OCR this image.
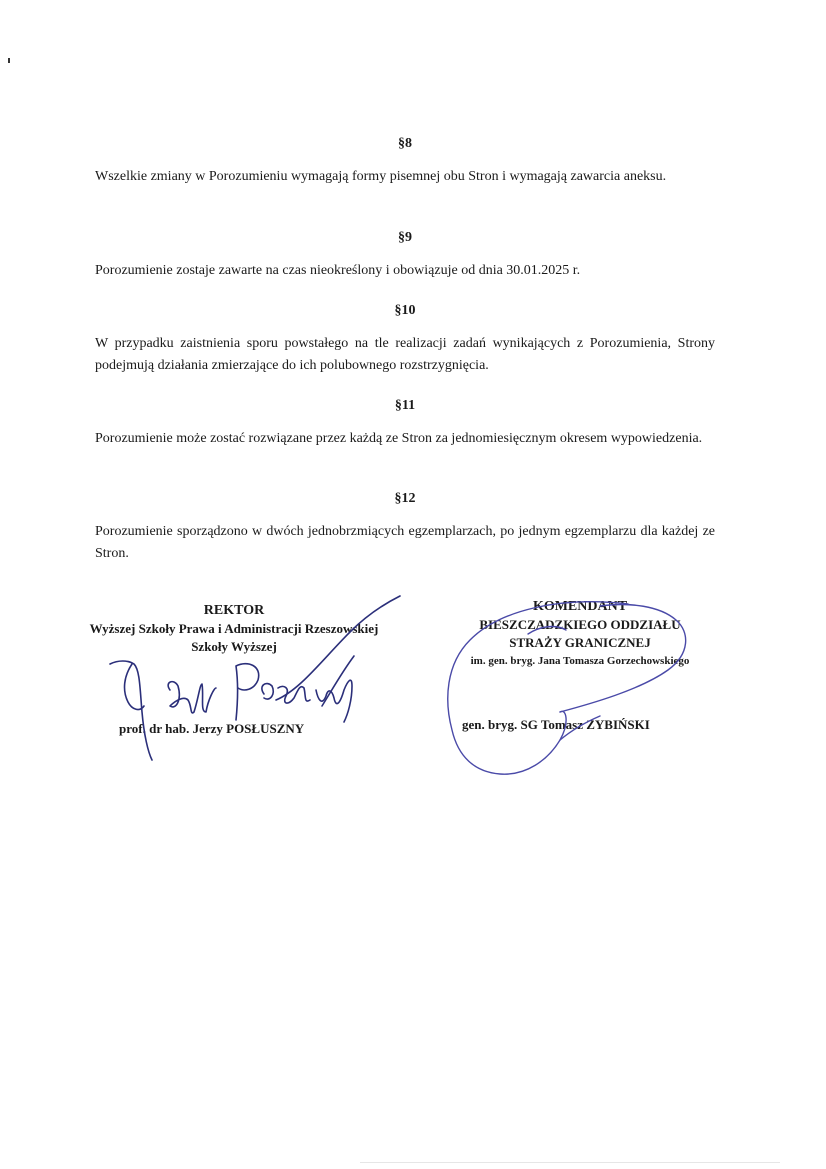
§8

Wszelkie zmiany w Porozumieniu wymagają formy pisemnej obu Stron i wymagają zawarcia aneksu.

§9

Porozumienie zostaje zawarte na czas nieokreślony i obowiązuje od dnia 30.01.2025 r.

§10

W przypadku zaistnienia sporu powstałego na tle realizacji zadań wynikających z Porozumienia, Strony podejmują działania zmierzające do ich polubownego rozstrzygnięcia.

§11

Porozumienie może zostać rozwiązane przez każdą ze Stron za jednomiesięcznym okresem wypowiedzenia.

§12

Porozumienie sporządzono w dwóch jednobrzmiących egzemplarzach, po jednym egzemplarzu dla każdej ze Stron.

REKTOR
Wyższej Szkoły Prawa i Administracji Rzeszowskiej
Szkoły Wyższej
prof. dr hab. Jerzy POSŁUSZNY
KOMENDANT
BIESZCZADZKIEGO ODDZIAŁU
STRAŻY GRANICZNEJ
im. gen. bryg. Jana Tomasza Gorzechowskiego
gen. bryg. SG Tomasz ZYBIŃSKI
